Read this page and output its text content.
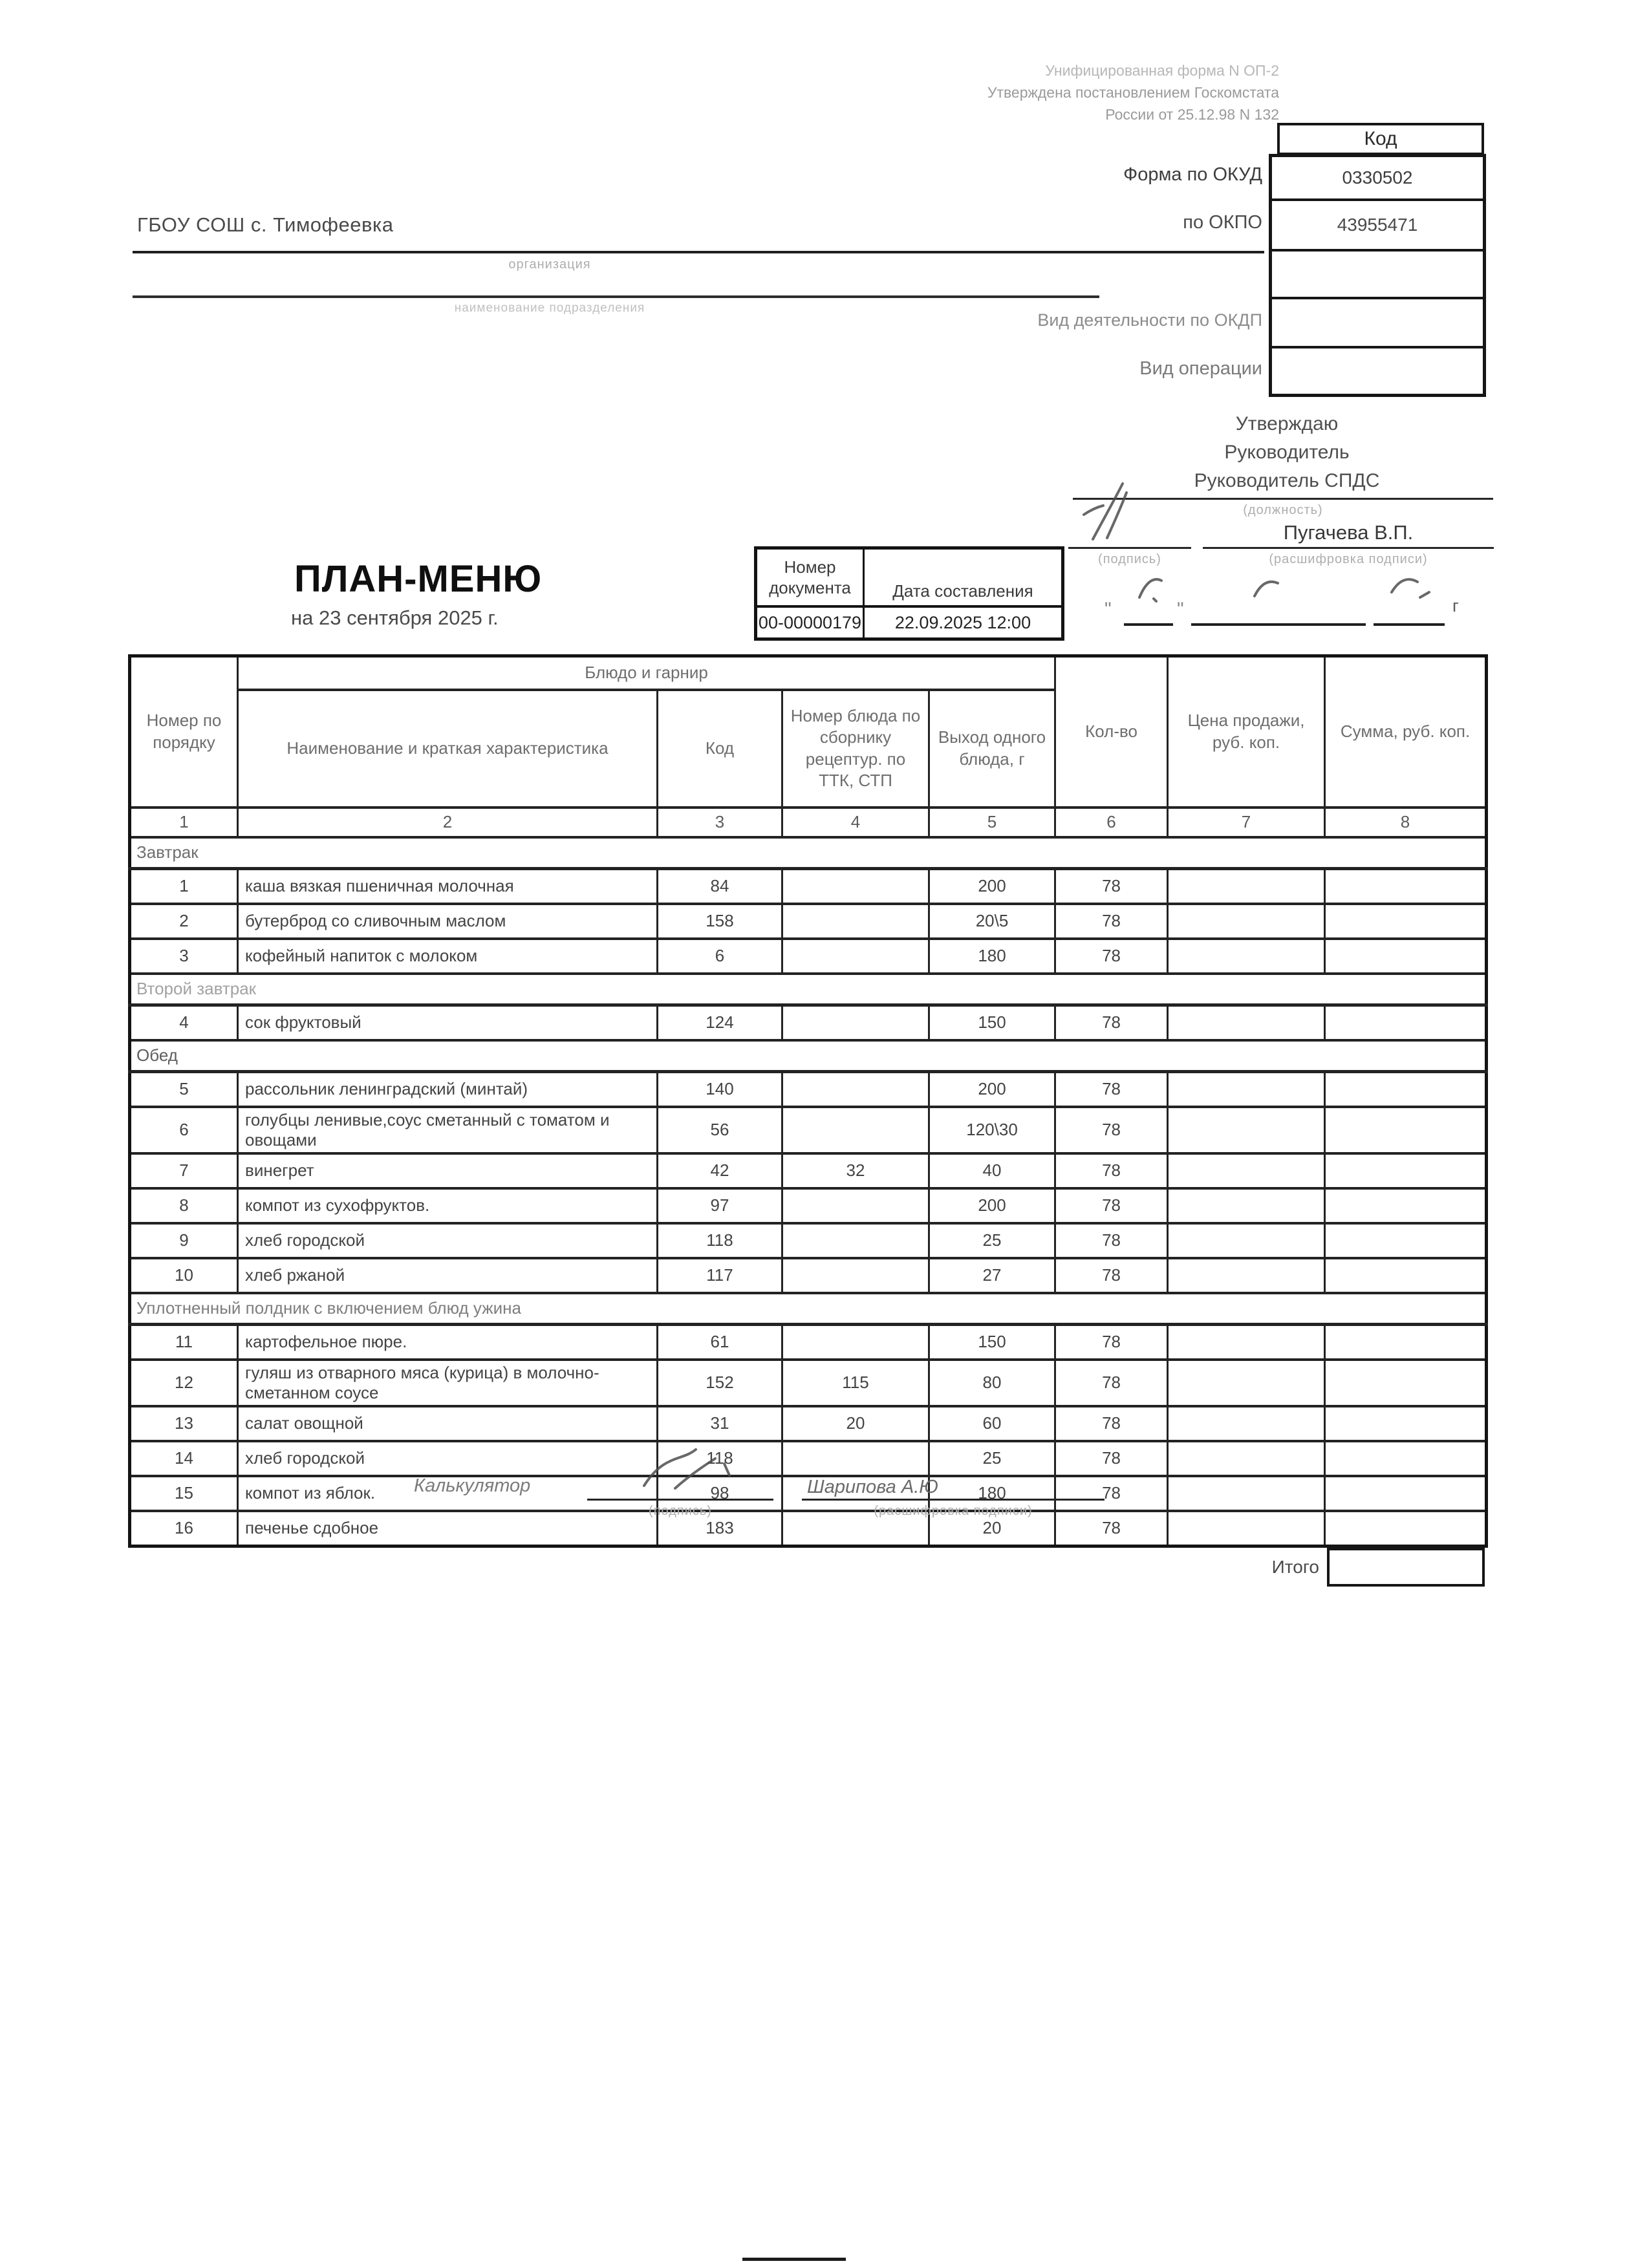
Унифицированная форма N ОП-2
Утверждена постановлением Госкомстата
России от 25.12.98 N 132
Код
0330502
43955471
Форма по ОКУД
по ОКПО
Вид деятельности по ОКДП
Вид операции
ГБОУ СОШ с. Тимофеевка
организация
наименование подразделения
Утверждаю
Руководитель
Руководитель СПДС
(должность)
Пугачева В.П.
(подпись)	(расшифровка подписи)
"	"	г
ПЛАН-МЕНЮ
на 23 сентября 2025 г.
Номер документа	Дата составления
00-00000179	22.09.2025 12:00
Номер по порядку	Блюдо и гарнир				Кол-во	Цена продажи, руб. коп.	Сумма, руб. коп.
	Наименование и краткая характеристика	Код	Номер блюда по сборнику рецептур. по ТТК, СТП	Выход одного блюда, г			
1	2	3	4	5	6	7	8
Завтрак							
1	каша вязкая пшеничная молочная	84		200	78		
2	бутерброд со сливочным маслом	158		20\5	78		
3	кофейный напиток с молоком	6		180	78		
Второй завтрак							
4	сок фруктовый	124		150	78		
Обед							
5	рассольник ленинградский (минтай)	140		200	78		
6	голубцы ленивые,соус сметанный с томатом и овощами	56		120\30	78		
7	винегрет	42	32	40	78		
8	компот из сухофруктов.	97		200	78		
9	хлеб городской	118		25	78		
10	хлеб ржаной	117		27	78		
Уплотненный полдник с включением блюд ужина							
11	картофельное пюре.	61		150	78		
12	гуляш из отварного мяса (курица) в молочно-сметанном соусе	152	115	80	78		
13	салат овощной	31	20	60	78		
14	хлеб городской	118		25	78		
15	компот из яблок.	98		180	78		
16	печенье сдобное	183		20	78		
Итого
Калькулятор
(подпись)
Шарипова А.Ю
(расшифровка подписи)
